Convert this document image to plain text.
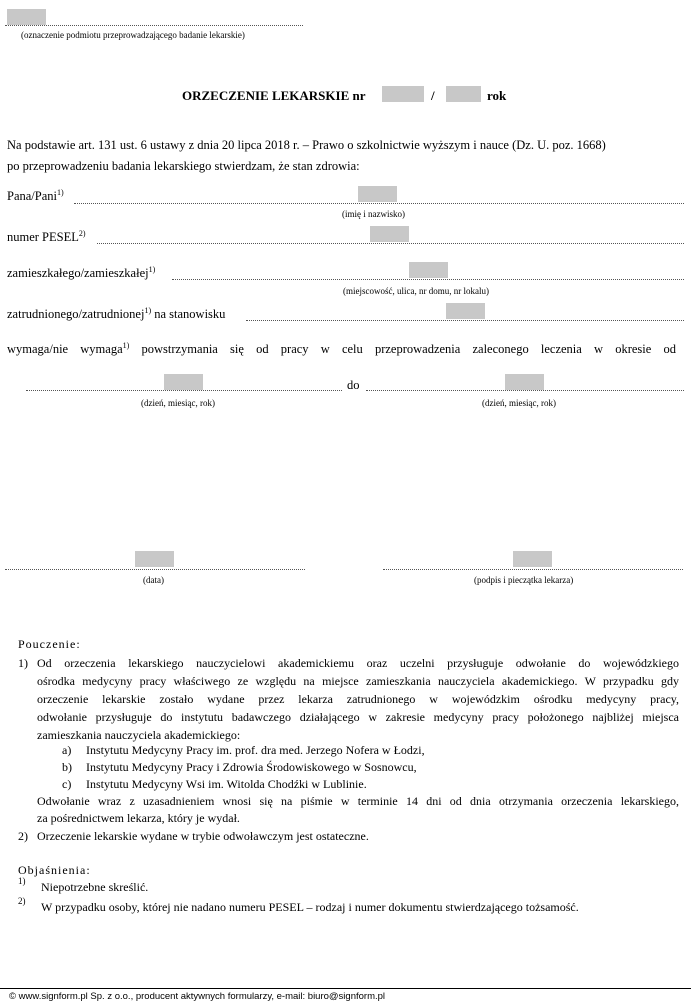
(oznaczenie podmiotu przeprowadzającego badanie lekarskie)
ORZECZENIE LEKARSKIE nr	/	rok
Na podstawie art. 131 ust. 6 ustawy z dnia 20 lipca 2018 r. – Prawo o szkolnictwie wyższym i nauce (Dz. U. poz. 1668)
po przeprowadzeniu badania lekarskiego stwierdzam, że stan zdrowia:
Pana/Pani$^{1)}$
(imię i nazwisko)
numer PESEL$^{2)}$
zamieszkałego/zamieszkałej$^{1)}$
(miejscowość, ulica, nr domu, nr lokalu)
zatrudnionego/zatrudnionej$^{1)}$ na stanowisku
wymaga/nie wymaga$^{1)}$ powstrzymania się od pracy w celu przeprowadzenia zaleconego leczenia w okresie od
do
(dzień, miesiąc, rok)	(dzień, miesiąc, rok)
(data)	(podpis i pieczątka lekarza)
Pouczenie:
1) Od orzeczenia lekarskiego nauczycielowi akademickiemu oraz uczelni przysługuje odwołanie do wojewódzkiego
ośrodka medycyny pracy właściwego ze względu na miejsce zamieszkania nauczyciela akademickiego. W przypadku gdy
orzeczenie lekarskie zostało wydane przez lekarza zatrudnionego w wojewódzkim ośrodku medycyny pracy,
odwołanie przysługuje do instytutu badawczego działającego w zakresie medycyny pracy położonego najbliżej miejsca
zamieszkania nauczyciela akademickiego:
a) Instytutu Medycyny Pracy im. prof. dra med. Jerzego Nofera w Łodzi,
b) Instytutu Medycyny Pracy i Zdrowia Środowiskowego w Sosnowcu,
c) Instytutu Medycyny Wsi im. Witolda Chodźki w Lublinie.
Odwołanie wraz z uzasadnieniem wnosi się na piśmie w terminie 14 dni od dnia otrzymania orzeczenia lekarskiego,
za pośrednictwem lekarza, który je wydał.
2) Orzeczenie lekarskie wydane w trybie odwoławczym jest ostateczne.
Objaśnienia:
1) Niepotrzebne skreślić.
2) W przypadku osoby, której nie nadano numeru PESEL – rodzaj i numer dokumentu stwierdzającego tożsamość.
© www.signform.pl Sp. z o.o., producent aktywnych formularzy, e-mail: biuro@signform.pl
